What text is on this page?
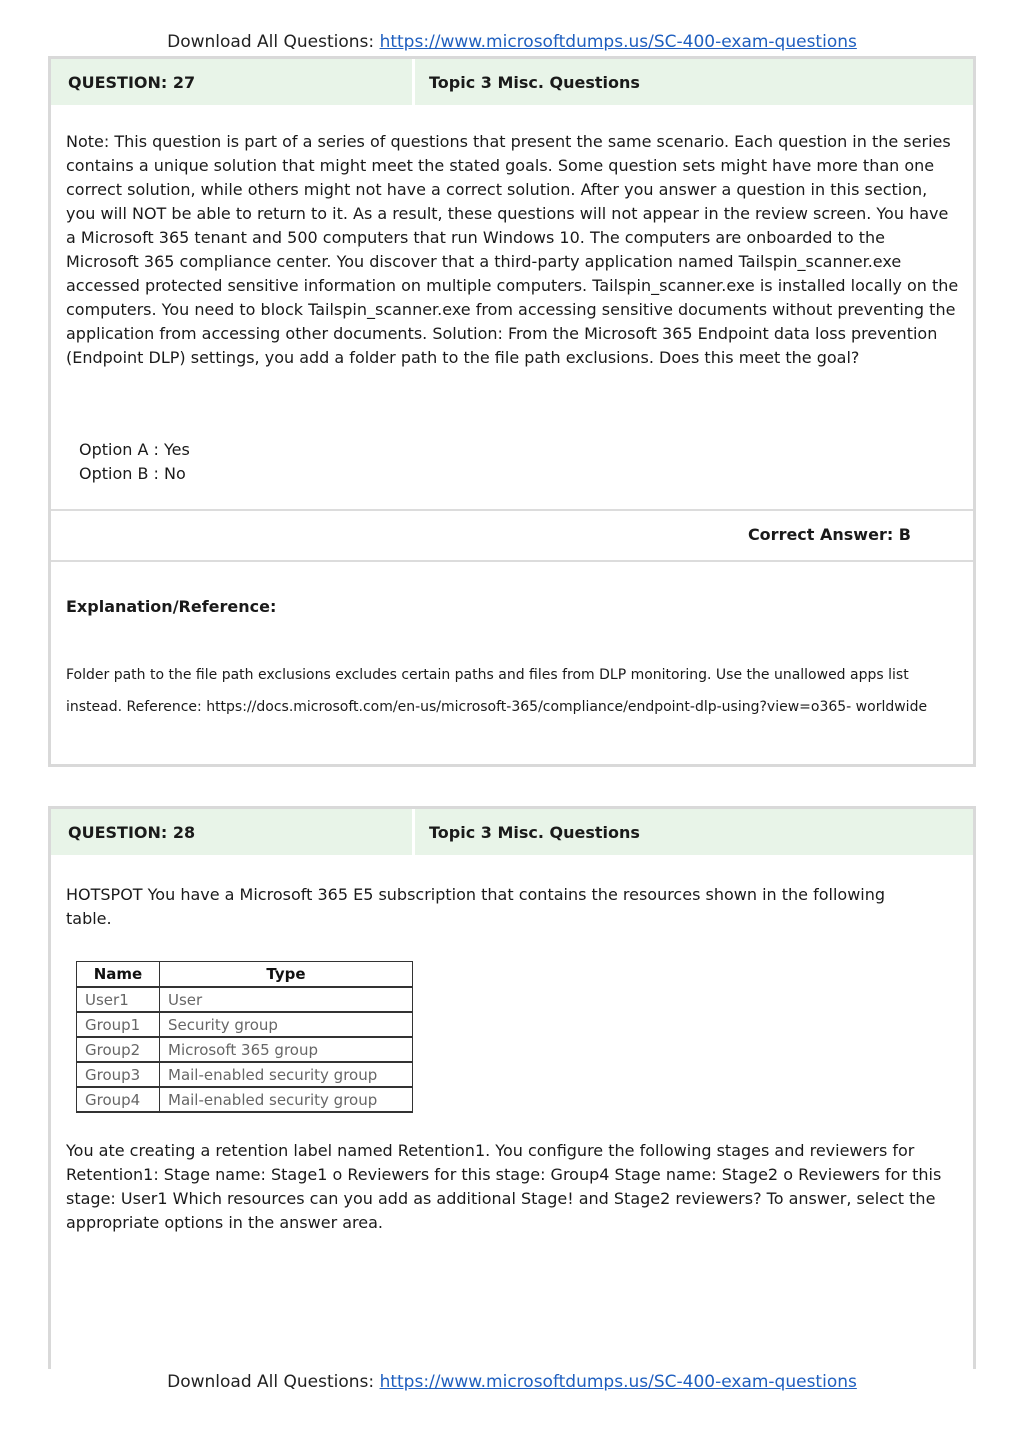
Download All Questions: https://www.microsoftdumps.us/SC-400-exam-questions
QUESTION: 27	Topic 3 Misc. Questions
Note: This question is part of a series of questions that present the same scenario. Each question in the series contains a unique solution that might meet the stated goals. Some question sets might have more than one correct solution, while others might not have a correct solution. After you answer a question in this section, you will NOT be able to return to it. As a result, these questions will not appear in the review screen. You have a Microsoft 365 tenant and 500 computers that run Windows 10. The computers are onboarded to the Microsoft 365 compliance center. You discover that a third-party application named Tailspin_scanner.exe accessed protected sensitive information on multiple computers. Tailspin_scanner.exe is installed locally on the computers. You need to block Tailspin_scanner.exe from accessing sensitive documents without preventing the application from accessing other documents. Solution: From the Microsoft 365 Endpoint data loss prevention (Endpoint DLP) settings, you add a folder path to the file path exclusions. Does this meet the goal?
Option A : Yes
Option B : No
Correct Answer: B
Explanation/Reference:
Folder path to the file path exclusions excludes certain paths and files from DLP monitoring. Use the unallowed apps list instead. Reference: https://docs.microsoft.com/en-us/microsoft-365/compliance/endpoint-dlp-using?view=o365- worldwide
QUESTION: 28	Topic 3 Misc. Questions
HOTSPOT You have a Microsoft 365 E5 subscription that contains the resources shown in the following table.
Name	Type
User1	User
Group1	Security group
Group2	Microsoft 365 group
Group3	Mail-enabled security group
Group4	Mail-enabled security group
You ate creating a retention label named Retention1. You configure the following stages and reviewers for Retention1: Stage name: Stage1 o Reviewers for this stage: Group4 Stage name: Stage2 o Reviewers for this stage: User1 Which resources can you add as additional Stage! and Stage2 reviewers? To answer, select the appropriate options in the answer area.
Download All Questions: https://www.microsoftdumps.us/SC-400-exam-questions
